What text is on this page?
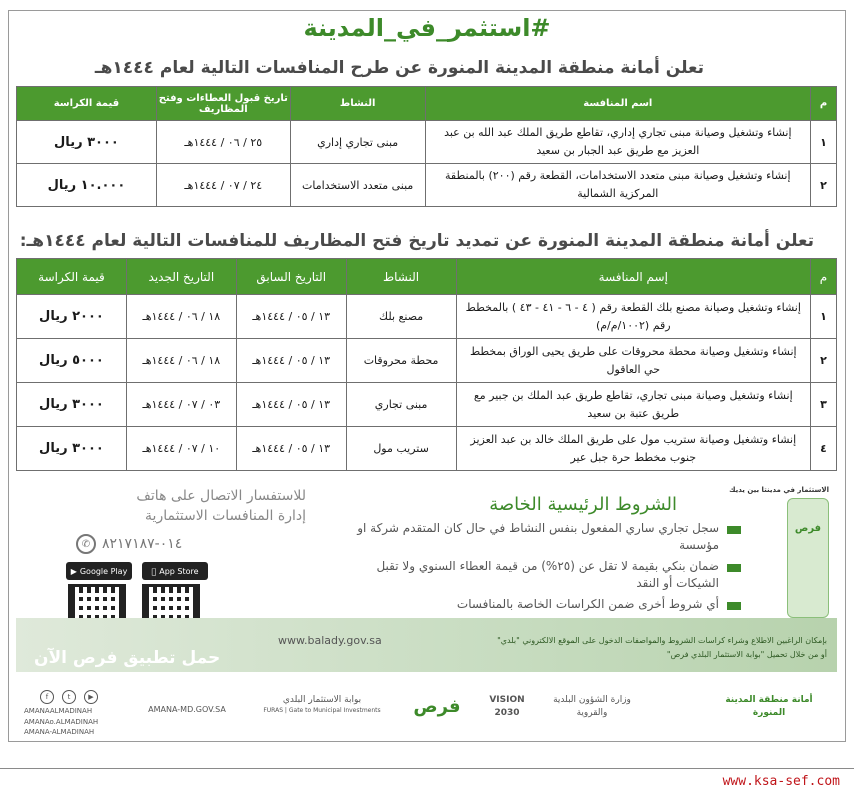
#استثمر_في_المدينة
تعلن أمانة منطقة المدينة المنورة عن طرح المنافسات التالية لعام ١٤٤٤هـ
م	اسم المنافسة	النشاط	تاريخ قبول العطاءات وفتح المظاريف	قيمة الكراسة
١	إنشاء وتشغيل وصيانة مبنى تجاري إداري، تقاطع طريق الملك عبد الله بن عبد العزيز مع طريق عبد الجبار بن سعيد	مبنى تجاري إداري	٢٥ / ٠٦ / ١٤٤٤هـ	٣٠٠٠ ريال
٢	إنشاء وتشغيل وصيانة مبنى متعدد الاستخدامات، القطعة رقم (٢٠٠) بالمنطقة المركزية الشمالية	مبنى متعدد الاستخدامات	٢٤ / ٠٧ / ١٤٤٤هـ	١٠.٠٠٠ ريال
تعلن أمانة منطقة المدينة المنورة عن تمديد تاريخ فتح المظاريف للمنافسات التالية لعام ١٤٤٤هـ:
م	إسم المنافسة	النشاط	التاريخ السابق	التاريخ الجديد	قيمة الكراسة
١	إنشاء وتشغيل وصيانة مصنع بلك القطعة رقم ( ٤ - ٦ - ٤١ - ٤٣ ) بالمخطط رقم (١٠٠٢/م/م)	مصنع بلك	١٣ / ٠٥ / ١٤٤٤هـ	١٨ / ٠٦ / ١٤٤٤هـ	٢٠٠٠ ريال
٢	إنشاء وتشغيل وصيانة محطة محروقات على طريق يحيى الوراق بمخطط حي العاقول	محطة محروقات	١٣ / ٠٥ / ١٤٤٤هـ	١٨ / ٠٦ / ١٤٤٤هـ	٥٠٠٠ ريال
٣	إنشاء وتشغيل وصيانة مبنى تجاري، تقاطع طريق عبد الملك بن جبير مع طريق عتبة بن سعيد	مبنى تجاري	١٣ / ٠٥ / ١٤٤٤هـ	٠٣ / ٠٧ / ١٤٤٤هـ	٣٠٠٠ ريال
٤	إنشاء وتشغيل وصيانة ستريب مول على طريق الملك خالد بن عبد العزيز جنوب مخطط حرة جبل عير	ستريب مول	١٣ / ٠٥ / ١٤٤٤هـ	١٠ / ٠٧ / ١٤٤٤هـ	٣٠٠٠ ريال
الاستثمار في مدينتا بين يديك
فرص
الشروط الرئيسية الخاصة
سجل تجاري ساري المفعول بنفس النشاط في حال كان المتقدم شركة او مؤسسة
ضمان بنكي بقيمة لا تقل عن (٢٥%) من قيمة العطاء السنوي ولا تقبل الشيكات أو النقد
أي شروط أخرى ضمن الكراسات الخاصة بالمنافسات
للاستفسار الاتصال على هاتف
إدارة المنافسات الاستثمارية
✆ ٠١٤-٨٢١٧١٨٧
▶ Google Play	App Store
حمل تطبيق فرص الآن
www.balady.gov.sa	بإمكان الراغبين الاطلاع وشراء كراسات الشروط والمواصفات الدخول على الموقع الالكتروني "بلدي"
أو من خلال تحميل "بوابة الاستثمار البلدي فرص"
أمانة منطقة المدينة المنورة
وزارة الشؤون البلدية والقروية
VISION 2030
فرص
بوابة الاستثمار البلدي
FURAS | Gate to Municipal Investments
AMANA-MD.GOV.SA
f	t	▶
AMANAALMADINAH
AMANAo.ALMADINAH
AMANA-ALMADINAH
www.ksa-sef.com
